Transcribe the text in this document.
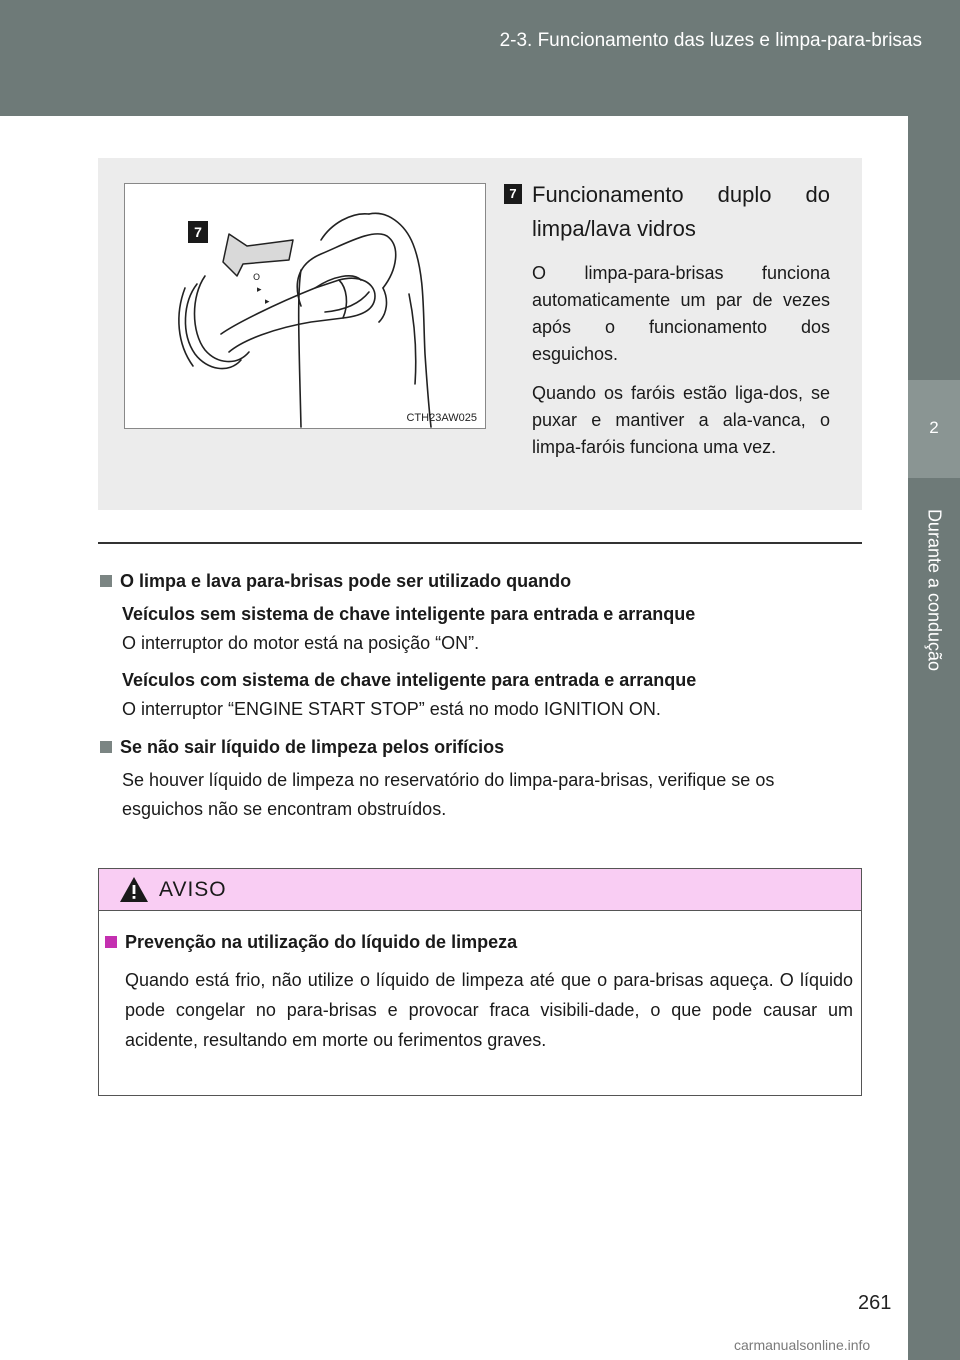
2-3. Funcionamento das luzes e limpa-para-brisas
2
Durante a condução
O
▸
▸
CTH23AW025
7
7 Funcionamento duplo do limpa/lava vidros
O limpa-para-brisas funciona automaticamente um par de vezes após o funcionamento dos esguichos.
Quando os faróis estão liga-dos, se puxar e mantiver a ala-vanca, o limpa-faróis funciona uma vez.
O limpa e lava para-brisas pode ser utilizado quando
Veículos sem sistema de chave inteligente para entrada e arranque
O interruptor do motor está na posição “ON”.
Veículos com sistema de chave inteligente para entrada e arranque
O interruptor “ENGINE START STOP” está no modo IGNITION ON.
Se não sair líquido de limpeza pelos orifícios
Se houver líquido de limpeza no reservatório do limpa-para-brisas, verifique se os esguichos não se encontram obstruídos.
AVISO
Prevenção na utilização do líquido de limpeza
Quando está frio, não utilize o líquido de limpeza até que o para-brisas aqueça. O líquido pode congelar no para-brisas e provocar fraca visibili-dade, o que pode causar um acidente, resultando em morte ou ferimentos graves.
261
carmanualsonline.info
